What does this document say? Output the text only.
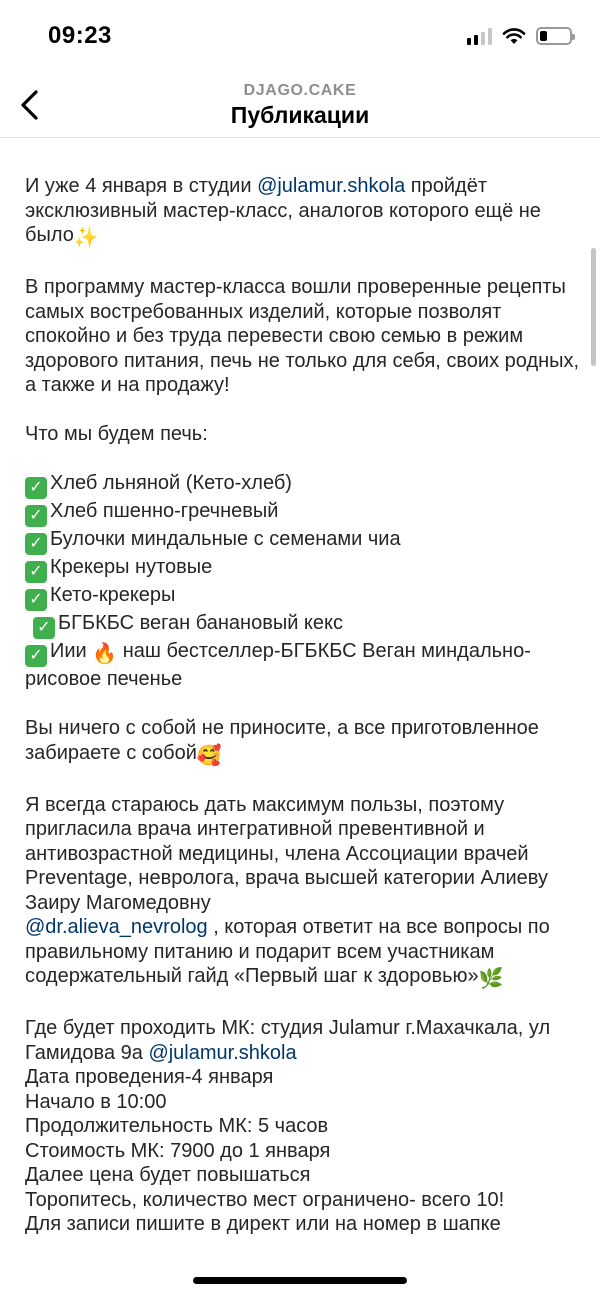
09:23
DJAGO.CAKE
Публикации

И уже 4 января в студии @julamur.shkola пройдёт эксклюзивный мастер-класс, аналогов которого ещё не было✨

В программу мастер-класса вошли проверенные рецепты самых востребованных изделий, которые позволят спокойно и без труда перевести свою семью в режим здорового питания, печь не только для себя, своих родных, а также и на продажу!

Что мы будем печь:

✓ Хлеб льняной (Кето-хлеб)
✓ Хлеб пшенно-гречневый
✓ Булочки миндальные с семенами чиа
✓ Крекеры нутовые
✓ Кето-крекеры
✓ БГБКБС веган банановый кекс
✓ Иии 🔥 наш бестселлер-БГБКБС Веган миндально-рисовое печенье

Вы ничего с собой не приносите, а все приготовленное забираете с собой🥰

Я всегда стараюсь дать максимум пользы, поэтому пригласила врача интегративной превентивной и антивозрастной медицины, члена Ассоциации врачей Preventage, невролога, врача высшей категории Алиеву Заиру Магомедовну
@dr.alieva_nevrolog , которая ответит на все вопросы по правильному питанию и подарит всем участникам содержательный гайд «Первый шаг к здоровью»🌿

Где будет проходить МК: студия Julamur г.Махачкала, ул Гамидова 9а @julamur.shkola
Дата проведения-4 января
Начало в 10:00
Продолжительность МК: 5 часов
Стоимость МК: 7900 до 1 января
Далее цена будет повышаться
Торопитесь, количество мест ограничено- всего 10!
Для записи пишите в директ или на номер в шапке
